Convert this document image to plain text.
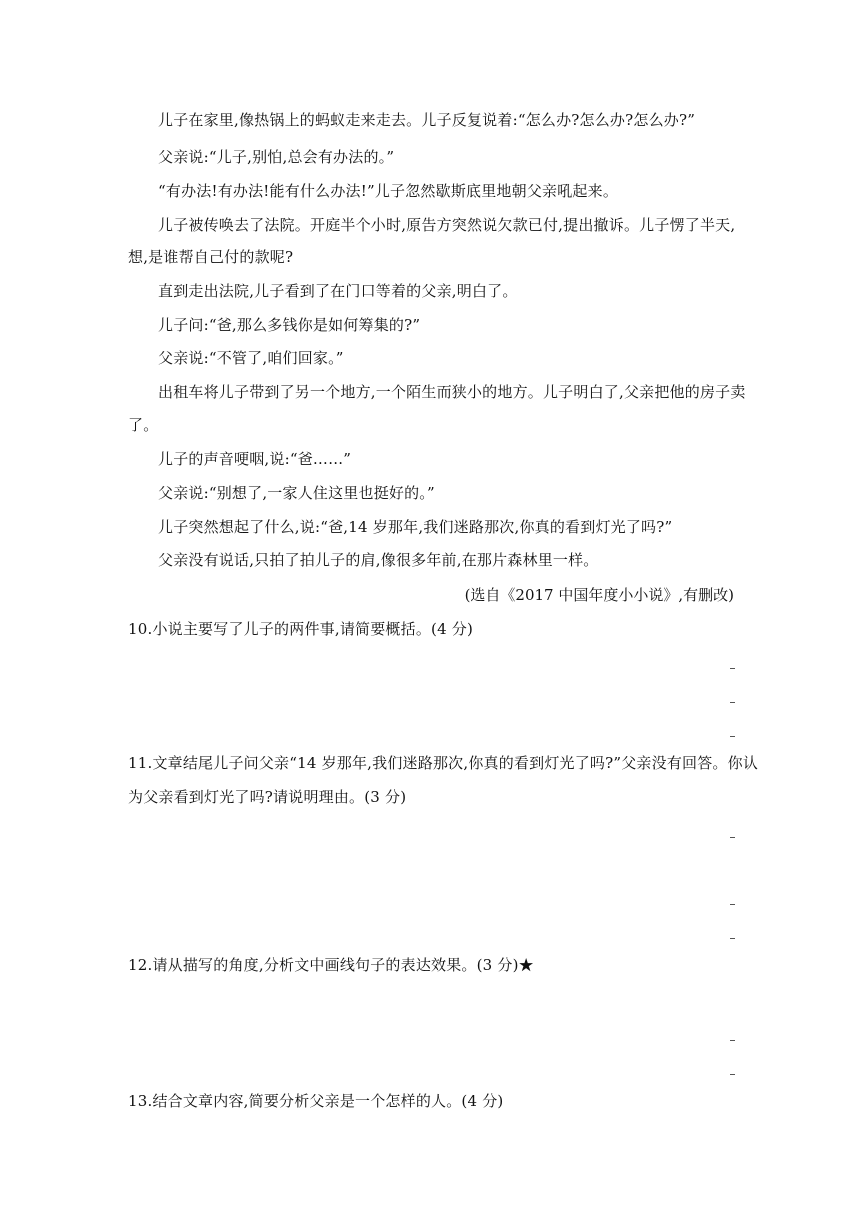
儿子在家里,像热锅上的蚂蚁走来走去。儿子反复说着:“怎么办?怎么办?怎么办?”
父亲说:“儿子,别怕,总会有办法的。”
“有办法!有办法!能有什么办法!”儿子忽然歇斯底里地朝父亲吼起来。
儿子被传唤去了法院。开庭半个小时,原告方突然说欠款已付,提出撤诉。儿子愣了半天,
想,是谁帮自己付的款呢?
直到走出法院,儿子看到了在门口等着的父亲,明白了。
儿子问:“爸,那么多钱你是如何筹集的?”
父亲说:“不管了,咱们回家。”
出租车将儿子带到了另一个地方,一个陌生而狭小的地方。儿子明白了,父亲把他的房子卖
了。
儿子的声音哽咽,说:“爸……”
父亲说:“别想了,一家人住这里也挺好的。”
儿子突然想起了什么,说:“爸,14 岁那年,我们迷路那次,你真的看到灯光了吗?”
父亲没有说话,只拍了拍儿子的肩,像很多年前,在那片森林里一样。
(选自《2017 中国年度小小说》,有删改)
10.小说主要写了儿子的两件事,请简要概括。(4 分)
11.文章结尾儿子问父亲“14 岁那年,我们迷路那次,你真的看到灯光了吗?”父亲没有回答。你认
为父亲看到灯光了吗?请说明理由。(3 分)
12.请从描写的角度,分析文中画线句子的表达效果。(3 分)★
13.结合文章内容,简要分析父亲是一个怎样的人。(4 分)
